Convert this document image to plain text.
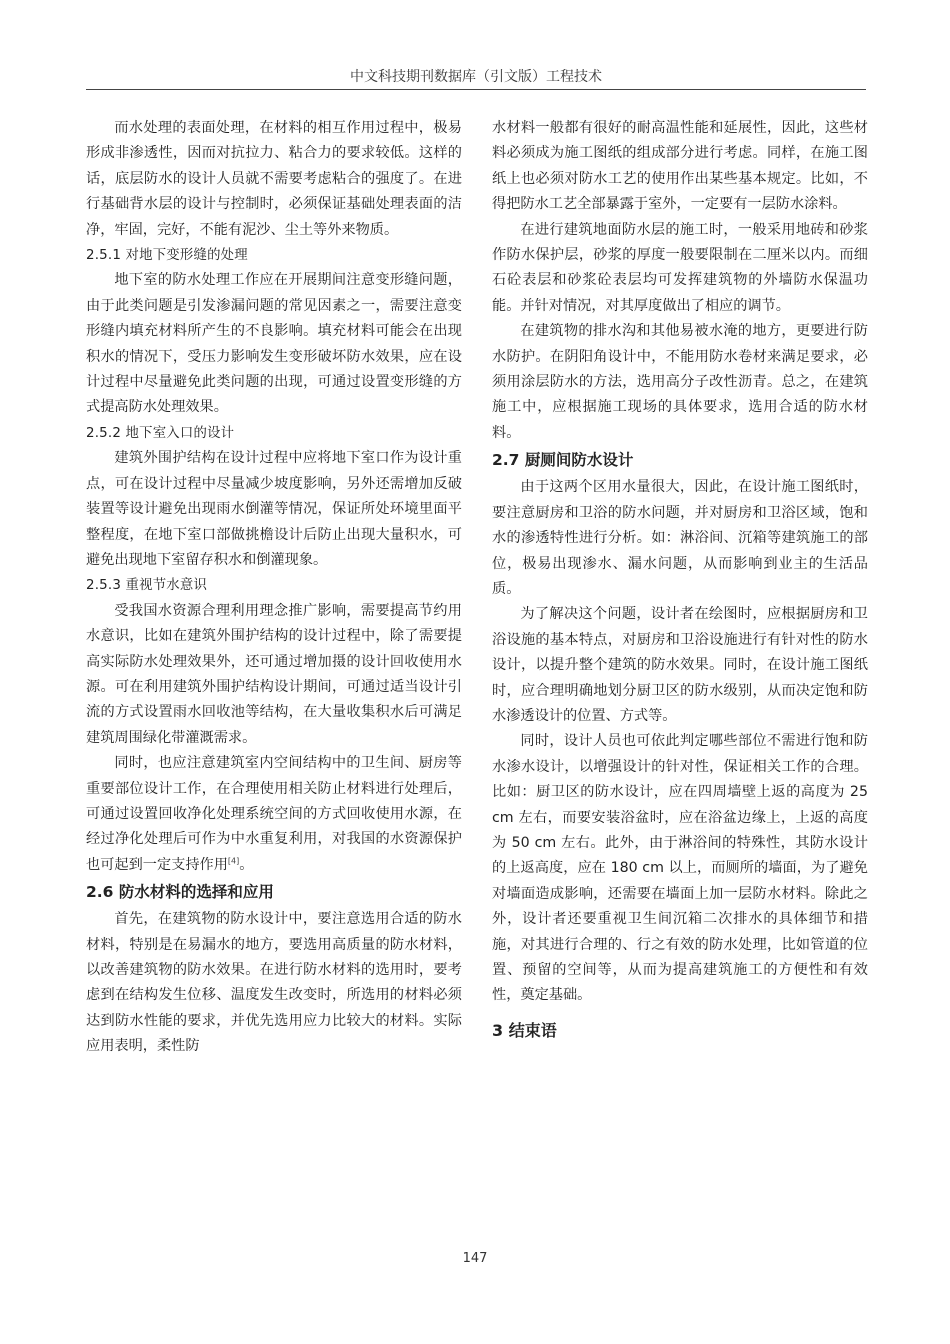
中文科技期刊数据库（引文版）工程技术

而水处理的表面处理，在材料的相互作用过程中，极易形成非渗透性，因而对抗拉力、粘合力的要求较低。这样的话，底层防水的设计人员就不需要考虑粘合的强度了。在进行基础背水层的设计与控制时，必须保证基础处理表面的洁净，牢固，完好，不能有泥沙、尘土等外来物质。

2.5.1 对地下变形缝的处理

地下室的防水处理工作应在开展期间注意变形缝问题，由于此类问题是引发渗漏问题的常见因素之一，需要注意变形缝内填充材料所产生的不良影响。填充材料可能会在出现积水的情况下，受压力影响发生变形破坏防水效果，应在设计过程中尽量避免此类问题的出现，可通过设置变形缝的方式提高防水处理效果。

2.5.2 地下室入口的设计

建筑外围护结构在设计过程中应将地下室口作为设计重点，可在设计过程中尽量减少坡度影响，另外还需增加反破装置等设计避免出现雨水倒灌等情况，保证所处环境里面平整程度，在地下室口部做挑檐设计后防止出现大量积水，可避免出现地下室留存积水和倒灌现象。

2.5.3 重视节水意识

受我国水资源合理利用理念推广影响，需要提高节约用水意识，比如在建筑外围护结构的设计过程中，除了需要提高实际防水处理效果外，还可通过增加摄的设计回收使用水源。可在利用建筑外围护结构设计期间，可通过适当设计引流的方式设置雨水回收池等结构，在大量收集积水后可满足建筑周围绿化带灌溉需求。

同时，也应注意建筑室内空间结构中的卫生间、厨房等重要部位设计工作，在合理使用相关防止材料进行处理后，可通过设置回收净化处理系统空间的方式回收使用水源，在经过净化处理后可作为中水重复利用，对我国的水资源保护也可起到一定支持作用[4]。

2.6 防水材料的选择和应用

首先，在建筑物的防水设计中，要注意选用合适的防水材料，特别是在易漏水的地方，要选用高质量的防水材料，以改善建筑物的防水效果。在进行防水材料的选用时，要考虑到在结构发生位移、温度发生改变时，所选用的材料必须达到防水性能的要求，并优先选用应力比较大的材料。实际应用表明，柔性防

水材料一般都有很好的耐高温性能和延展性，因此，这些材料必须成为施工图纸的组成部分进行考虑。同样，在施工图纸上也必须对防水工艺的使用作出某些基本规定。比如，不得把防水工艺全部暴露于室外，一定要有一层防水涂料。

在进行建筑地面防水层的施工时，一般采用地砖和砂浆作防水保护层，砂浆的厚度一般要限制在二厘米以内。而细石砼表层和砂浆砼表层均可发挥建筑物的外墙防水保温功能。并针对情况，对其厚度做出了相应的调节。

在建筑物的排水沟和其他易被水淹的地方，更要进行防水防护。在阴阳角设计中，不能用防水卷材来满足要求，必须用涂层防水的方法，选用高分子改性沥青。总之，在建筑施工中，应根据施工现场的具体要求，选用合适的防水材料。

2.7 厨厕间防水设计

由于这两个区用水量很大，因此，在设计施工图纸时，要注意厨房和卫浴的防水问题，并对厨房和卫浴区域，饱和水的渗透特性进行分析。如：淋浴间、沉箱等建筑施工的部位，极易出现渗水、漏水问题，从而影响到业主的生活品质。

为了解决这个问题，设计者在绘图时，应根据厨房和卫浴设施的基本特点，对厨房和卫浴设施进行有针对性的防水设计，以提升整个建筑的防水效果。同时，在设计施工图纸时，应合理明确地划分厨卫区的防水级别，从而决定饱和防水渗透设计的位置、方式等。

同时，设计人员也可依此判定哪些部位不需进行饱和防水渗水设计，以增强设计的针对性，保证相关工作的合理。比如：厨卫区的防水设计，应在四周墙壁上返的高度为 25 cm 左右，而要安装浴盆时，应在浴盆边缘上，上返的高度为 50 cm 左右。此外，由于淋浴间的特殊性，其防水设计的上返高度，应在 180 cm 以上，而厕所的墙面，为了避免对墙面造成影响，还需要在墙面上加一层防水材料。除此之外，设计者还要重视卫生间沉箱二次排水的具体细节和措施，对其进行合理的、行之有效的防水处理，比如管道的位置、预留的空间等，从而为提高建筑施工的方便性和有效性，奠定基础。

3 结束语
147
